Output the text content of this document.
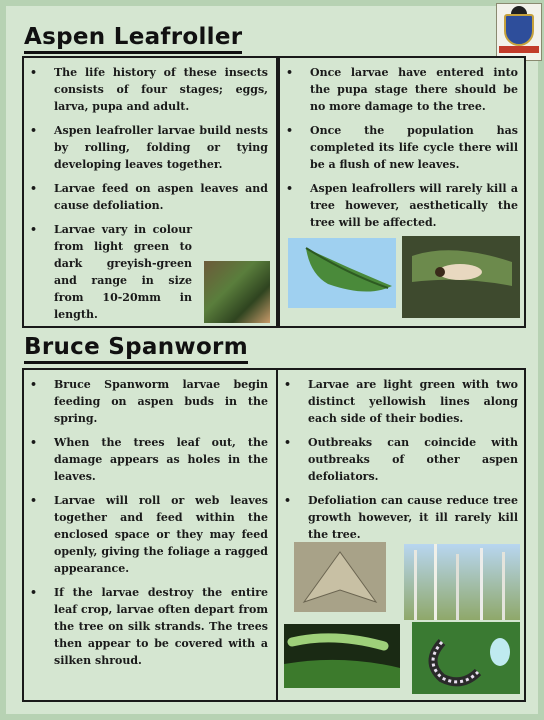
Aspen Leafroller
• The life history of these insects consists of four stages; eggs, larva, pupa and adult.
• Aspen leafroller larvae build nests by rolling, folding or tying developing leaves together.
• Larvae feed on aspen leaves and cause defoliation.
• Larvae vary in colour from light green to dark greyish-green and range in size from 10-20mm in length.
• Once larvae have entered into the pupa stage there should be no more damage to the tree.
• Once the population has completed its life cycle there will be a flush of new leaves.
• Aspen leafrollers will rarely kill a tree however, aesthetically the tree will be affected.
Bruce Spanworm
• Bruce Spanworm larvae begin feeding on aspen buds in the spring.
• When the trees leaf out, the damage appears as holes in the leaves.
• Larvae will roll or web leaves together and feed within the enclosed space or they may feed openly, giving the foliage a ragged appearance.
• If the larvae destroy the entire leaf crop, larvae often depart from the tree on silk strands. The trees then appear to be covered with a silken shroud.
• Larvae are light green with two distinct yellowish lines along each side of their bodies.
• Outbreaks can coincide with outbreaks of other aspen defoliators.
• Defoliation can cause reduce tree growth however, it ill rarely kill the tree.
